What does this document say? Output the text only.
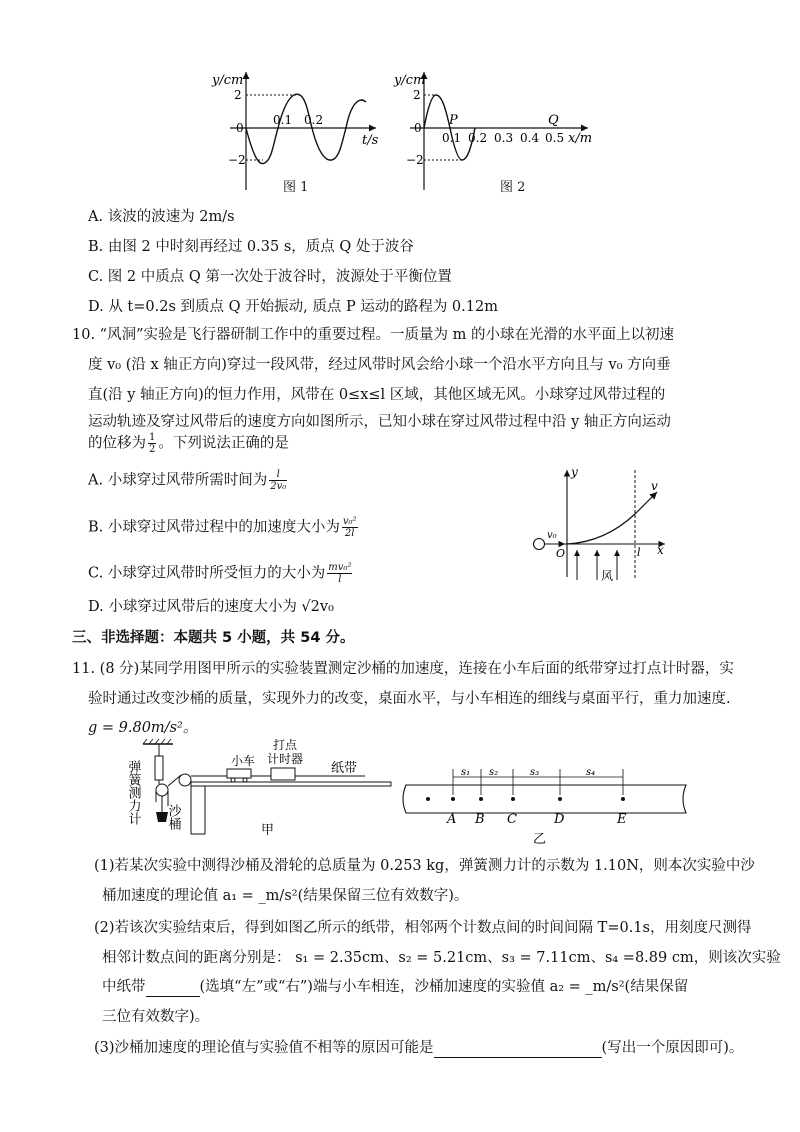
y/cm
2
0
−2
0.1 0.2
t/s
图 1
y/cm
2
0
−2
P	Q
0.1 0.2 0.3 0.4 0.5 x/m
图 2
A. 该波的波速为 2m/s
B. 由图 2 中时刻再经过 0.35 s，质点 Q 处于波谷
C. 图 2 中质点 Q 第一次处于波谷时，波源处于平衡位置
D. 从 t=0.2s 到质点 Q 开始振动, 质点 P 运动的路程为 0.12m
10. “风洞”实验是飞行器研制工作中的重要过程。一质量为 m 的小球在光滑的水平面上以初速
度 v₀ (沿 x 轴正方向)穿过一段风带，经过风带时风会给小球一个沿水平方向且与 v₀ 方向垂
直(沿 y 轴正方向)的恒力作用，风带在 0≤x≤l 区域，其他区域无风。小球穿过风带过程的
运动轨迹及穿过风带后的速度方向如图所示，已知小球在穿过风带过程中沿 y 轴正方向运动
的位移为 $\frac{1}{2}$ 。下列说法正确的是
A. 小球穿过风带所需时间为 $\frac{l}{\text{2v₀}}$
B. 小球穿过风带过程中的加速度大小为 $\frac{\text{v₀²}}{2l}$
C. 小球穿过风带时所受恒力的大小为 $\frac{\text{mv₀²}}{l}$
D. 小球穿过风带后的速度大小为 √2v₀
y
x
v
v₀
O	l
风
三、非选择题：本题共 5 小题，共 54 分。
11. (8 分)某同学用图甲所示的实验装置测定沙桶的加速度，连接在小车后面的纸带穿过打点计时器，实
验时通过改变沙桶的质量，实现外力的改变，桌面水平，与小车相连的细线与桌面平行，重力加速度.
g = 9.80m/s²。
弹簧测力计 沙桶
小车
打点
计时器
纸带
甲
s₁ s₂	s₃	s₄
A B C	D	E
乙
(1)若某次实验中测得沙桶及滑轮的总质量为 0.253 kg，弹簧测力计的示数为 1.10N，则本次实验中沙
桶加速度的理论值 a₁ = _m/s²(结果保留三位有效数字)。
(2)若该次实验结束后，得到如图乙所示的纸带，相邻两个计数点间的时间间隔 T=0.1s，用刻度尺测得
相邻计数点间的距离分别是： s₁ = 2.35cm、s₂ = 5.21cm、s₃ = 7.11cm、s₄ =8.89 cm，则该次实验
中纸带	(选填“左”或“右”)端与小车相连，沙桶加速度的实验值 a₂ = _m/s²(结果保留
三位有效数字)。
(3)沙桶加速度的理论值与实验值不相等的原因可能是	(写出一个原因即可)。
